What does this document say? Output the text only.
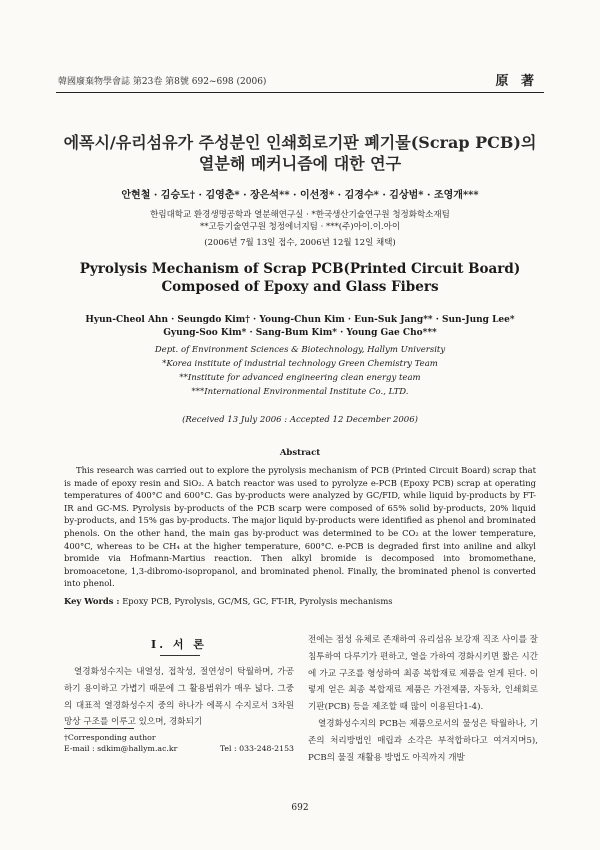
韓國廢棄物學會誌 第23卷 第8號 692~698 (2006)	原 著
에폭시/유리섬유가 주성분인 인쇄회로기판 폐기물(Scrap PCB)의
열분해 메커니즘에 대한 연구
안현철 · 김승도† · 김영춘* · 장은석** · 이선정* · 김경수* · 김상범* · 조영개***
한림대학교 환경생명공학과 열분해연구실 · *한국생산기술연구원 청정화학소재팀
**고등기술연구원 청정에너지팀 · ***(주)아이.이.아이
(2006년 7월 13일 접수, 2006년 12월 12일 채택)
Pyrolysis Mechanism of Scrap PCB(Printed Circuit Board)
Composed of Epoxy and Glass Fibers
Hyun-Cheol Ahn · Seungdo Kim† · Young-Chun Kim · Eun-Suk Jang** · Sun-Jung Lee*
Gyung-Soo Kim* · Sang-Bum Kim* · Young Gae Cho***
Dept. of Environment Sciences & Biotechnology, Hallym University
*Korea institute of industrial technology Green Chemistry Team
**Institute for advanced engineering clean energy team
***International Environmental Institute Co., LTD.
(Received 13 July 2006 : Accepted 12 December 2006)
Abstract

This research was carried out to explore the pyrolysis mechanism of PCB (Printed Circuit Board) scrap that is made of epoxy resin and SiO₂. A batch reactor was used to pyrolyze e-PCB (Epoxy PCB) scrap at operating temperatures of 400°C and 600°C. Gas by-products were analyzed by GC/FID, while liquid by-products by FT-IR and GC-MS. Pyrolysis by-products of the PCB scarp were composed of 65% solid by-products, 20% liquid by-products, and 15% gas by-products. The major liquid by-products were identified as phenol and brominated phenols. On the other hand, the main gas by-product was determined to be CO₂ at the lower temperature, 400°C, whereas to be CH₄ at the higher temperature, 600°C. e-PCB is degraded first into aniline and alkyl bromide via Hofmann-Martius reaction. Then alkyl bromide is decomposed into bromomethane, bromoacetone, 1,3-dibromo-isopropanol, and brominated phenol. Finally, the brominated phenol is converted into phenol.

Key Words : Epoxy PCB, Pyrolysis, GC/MS, GC, FT-IR, Pyrolysis mechanisms
I. 서 론

열경화성수지는 내열성, 접착성, 절연성이 탁월하며, 가공하기 용이하고 가볍기 때문에 그 활용범위가 매우 넓다. 그중의 대표적 열경화성수지 중의 하나가 에폭시 수지로서 3차원 망상 구조를 이루고 있으며, 경화되기

†Corresponding author
E-mail : sdkim@hallym.ac.kr	Tel : 033-248-2153

전에는 점성 유체로 존재하여 유리섬유 보강재 직조 사이를 잘 침투하여 다루기가 편하고, 열을 가하여 경화시키면 짧은 시간에 가교 구조를 형성하여 최종 복합재료 제품을 얻게 된다. 이렇게 얻은 최종 복합재료 제품은 가전제품, 자동차, 인쇄회로기판(PCB) 등을 제조할 때 많이 이용된다1-4).

열경화성수지의 PCB는 제품으로서의 물성은 탁월하나, 기존의 처리방법인 매립과 소각은 부적합하다고 여겨지며5), PCB의 물질 재활용 방법도 아직까지 개발

692
